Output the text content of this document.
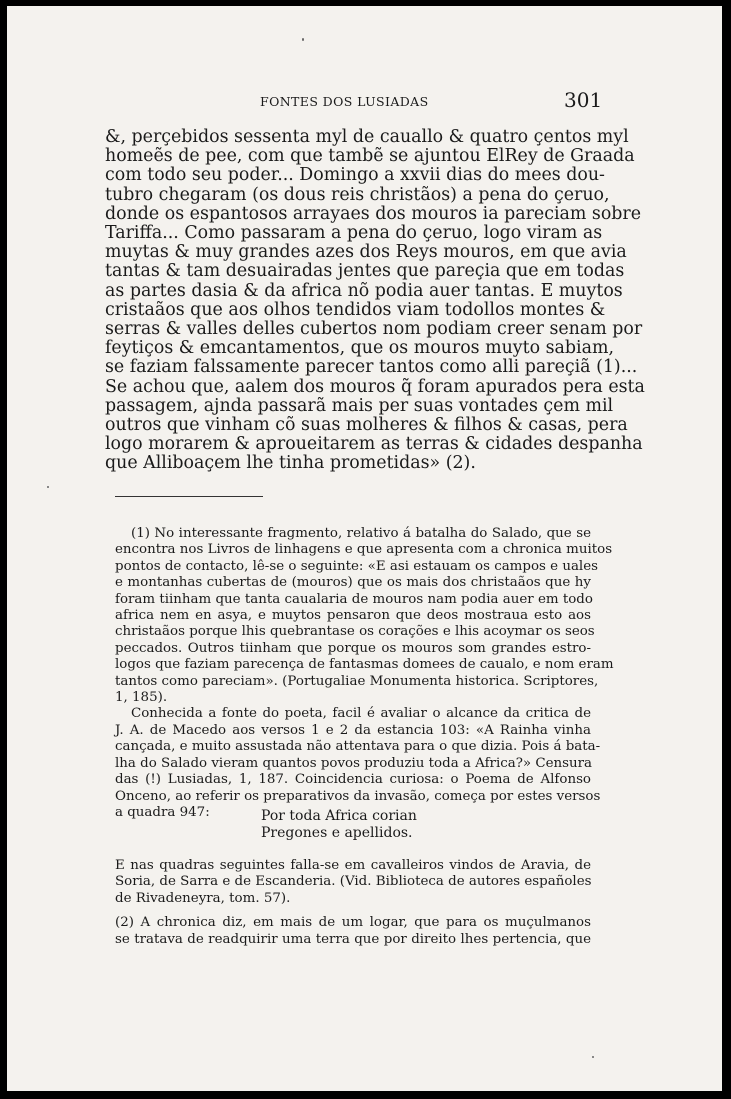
FONTES DOS LUSIADAS	301
&, perçebidos sessenta myl de cauallo & quatro çentos myl
homeẽs de pee, com que tambẽ se ajuntou ElRey de Graada
com todo seu poder... Domingo a xxvii dias do mees dou-
tubro chegaram (os dous reis christãos) a pena do çeruo,
donde os espantosos arrayaes dos mouros ia pareciam sobre
Tariffa... Como passaram a pena do çeruo, logo viram as
muytas & muy grandes azes dos Reys mouros, em que avia
tantas & tam desuairadas jentes que pareçia que em todas
as partes dasia & da africa nõ podia auer tantas. E muytos
cristaãos que aos olhos tendidos viam todollos montes &
serras & valles delles cubertos nom podiam creer senam por
feytiços & emcantamentos, que os mouros muyto sabiam,
se faziam falssamente parecer tantos como alli pareçiã (1)...
Se achou que, aalem dos mouros q̃ foram apurados pera esta
passagem, ajnda passarã mais per suas vontades çem mil
outros que vinham cõ suas molheres & filhos & casas, pera
logo morarem & aproueitarem as terras & cidades despanha
que Alliboaçem lhe tinha prometidas» (2).
(1) No interessante fragmento, relativo á batalha do Salado, que se
encontra nos Livros de linhagens e que apresenta com a chronica muitos
pontos de contacto, lê-se o seguinte: «E asi estauam os campos e uales
e montanhas cubertas de (mouros) que os mais dos christaãos que hy
foram tiinham que tanta caualaria de mouros nam podia auer em todo
africa nem en asya, e muytos pensaron que deos mostraua esto aos
christaãos porque lhis quebrantase os corações e lhis acoymar os seos
peccados. Outros tiinham que porque os mouros som grandes estro-
logos que faziam parecença de fantasmas domees de caualo, e nom eram
tantos como pareciam». (Portugaliae Monumenta historica. Scriptores,
1, 185).
Conhecida a fonte do poeta, facil é avaliar o alcance da critica de
J. A. de Macedo aos versos 1 e 2 da estancia 103: «A Rainha vinha
cançada, e muito assustada não attentava para o que dizia. Pois á bata-
lha do Salado vieram quantos povos produziu toda a Africa?» Censura
das (!) Lusiadas, 1, 187. Coincidencia curiosa: o Poema de Alfonso
Onceno, ao referir os preparativos da invasão, começa por estes versos
a quadra 947:	Por toda Africa corian
Pregones e apellidos.
E nas quadras seguintes falla-se em cavalleiros vindos de Aravia, de
Soria, de Sarra e de Escanderia. (Vid. Biblioteca de autores españoles
de Rivadeneyra, tom. 57).
(2) A chronica diz, em mais de um logar, que para os muçulmanos
se tratava de readquirir uma terra que por direito lhes pertencia, que
